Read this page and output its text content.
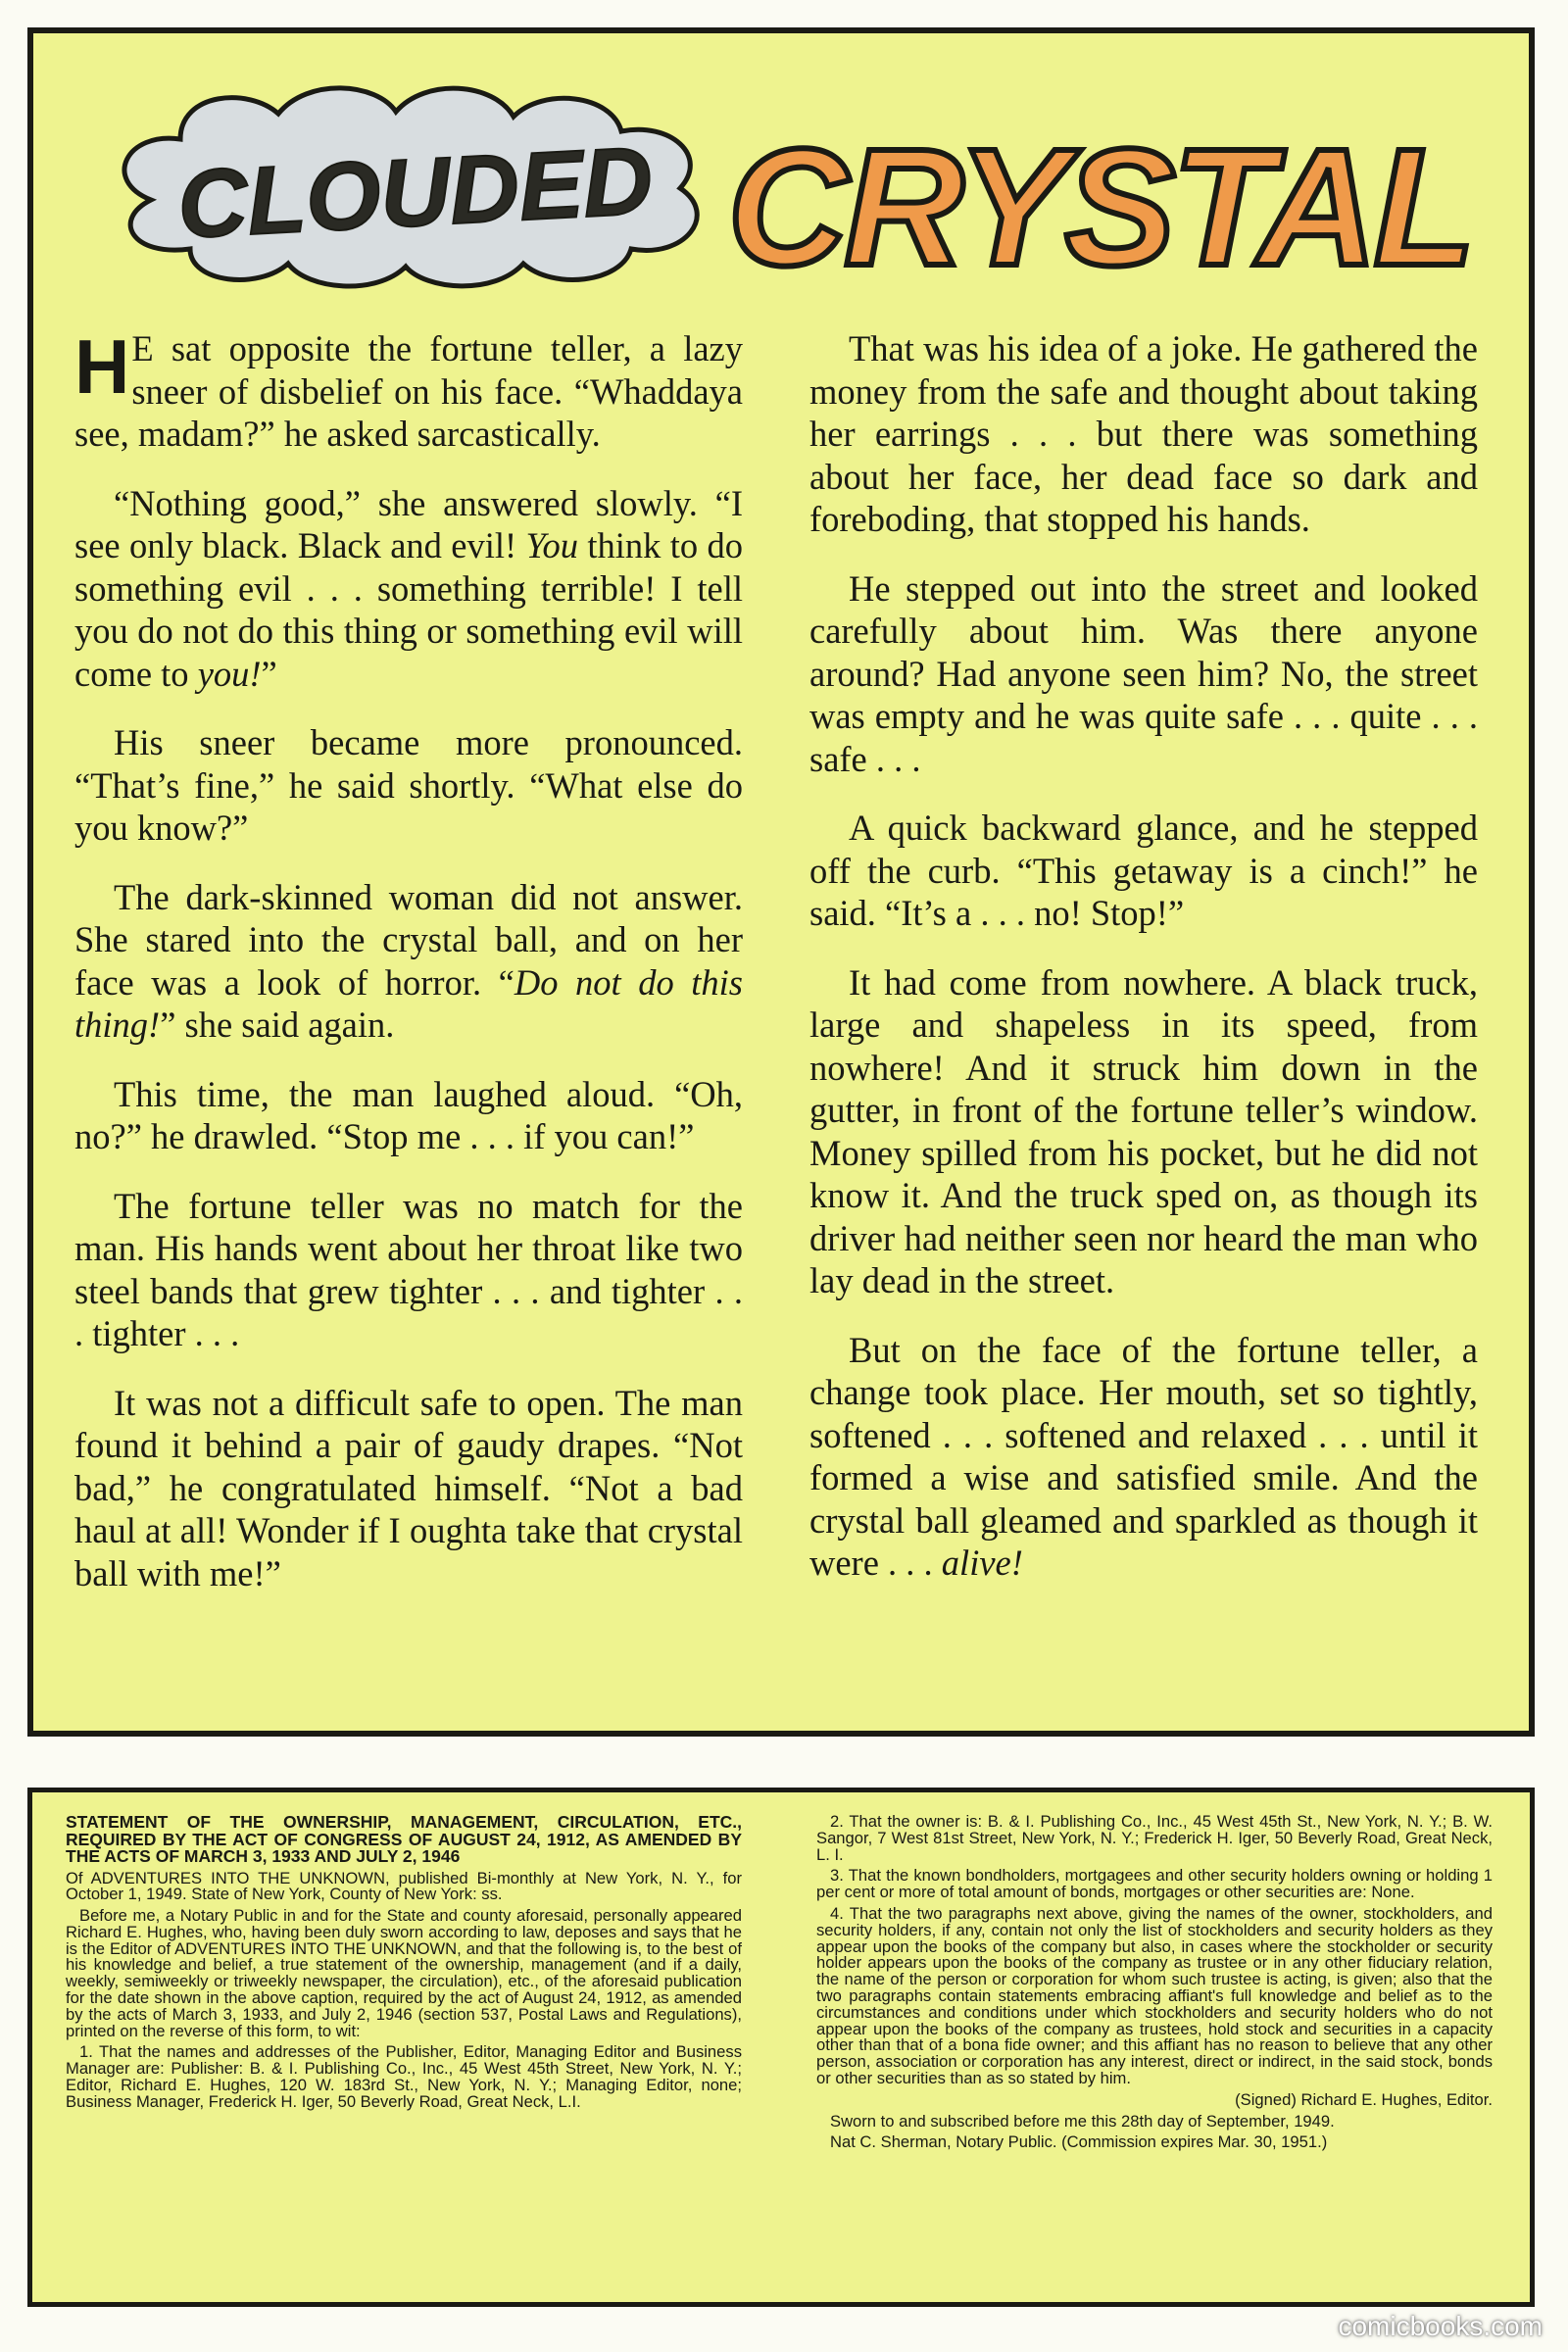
CLOUDED CRYSTAL

H E sat opposite the fortune teller, a lazy sneer of disbelief on his face. “Whaddaya see, madam?” he asked sarcastically.

“Nothing good,” she answered slowly. “I see only black. Black and evil! You think to do something evil . . . something terrible! I tell you do not do this thing or something evil will come to you!”

His sneer became more pronounced. “That’s fine,” he said shortly. “What else do you know?”

The dark-skinned woman did not answer. She stared into the crystal ball, and on her face was a look of horror. “Do not do this thing!” she said again.

This time, the man laughed aloud. “Oh, no?” he drawled. “Stop me . . . if you can!”

The fortune teller was no match for the man. His hands went about her throat like two steel bands that grew tighter . . . and tighter . . . tighter . . .

It was not a difficult safe to open. The man found it behind a pair of gaudy drapes. “Not bad,” he congratulated himself. “Not a bad haul at all! Wonder if I oughta take that crystal ball with me!”

That was his idea of a joke. He gathered the money from the safe and thought about taking her earrings . . . but there was something about her face, her dead face so dark and foreboding, that stopped his hands.

He stepped out into the street and looked carefully about him. Was there anyone around? Had anyone seen him? No, the street was empty and he was quite safe . . . quite . . . safe . . .

A quick backward glance, and he stepped off the curb. “This getaway is a cinch!” he said. “It’s a . . . no! Stop!”

It had come from nowhere. A black truck, large and shapeless in its speed, from nowhere! And it struck him down in the gutter, in front of the fortune teller’s window. Money spilled from his pocket, but he did not know it. And the truck sped on, as though its driver had neither seen nor heard the man who lay dead in the street.

But on the face of the fortune teller, a change took place. Her mouth, set so tightly, softened . . . softened and relaxed . . . until it formed a wise and satisfied smile. And the crystal ball gleamed and sparkled as though it were . . . alive!

STATEMENT OF THE OWNERSHIP, MANAGEMENT, CIRCULATION, ETC., REQUIRED BY THE ACT OF CONGRESS OF AUGUST 24, 1912, AS AMENDED BY THE ACTS OF MARCH 3, 1933 AND JULY 2, 1946

Of ADVENTURES INTO THE UNKNOWN, published Bi-monthly at New York, N. Y., for October 1, 1949. State of New York, County of New York: ss.

Before me, a Notary Public in and for the State and county aforesaid, personally appeared Richard E. Hughes, who, having been duly sworn according to law, deposes and says that he is the Editor of ADVENTURES INTO THE UNKNOWN, and that the following is, to the best of his knowledge and belief, a true statement of the ownership, management (and if a daily, weekly, semiweekly or triweekly newspaper, the circulation), etc., of the aforesaid publication for the date shown in the above caption, required by the act of August 24, 1912, as amended by the acts of March 3, 1933, and July 2, 1946 (section 537, Postal Laws and Regulations), printed on the reverse of this form, to wit:

1. That the names and addresses of the Publisher, Editor, Managing Editor and Business Manager are: Publisher: B. & I. Publishing Co., Inc., 45 West 45th Street, New York, N. Y.; Editor, Richard E. Hughes, 120 W. 183rd St., New York, N. Y.; Managing Editor, none; Business Manager, Frederick H. Iger, 50 Beverly Road, Great Neck, L.I.

2. That the owner is: B. & I. Publishing Co., Inc., 45 West 45th St., New York, N. Y.; B. W. Sangor, 7 West 81st Street, New York, N. Y.; Frederick H. Iger, 50 Beverly Road, Great Neck, L. I.

3. That the known bondholders, mortgagees and other security holders owning or holding 1 per cent or more of total amount of bonds, mortgages or other securities are: None.

4. That the two paragraphs next above, giving the names of the owner, stockholders, and security holders, if any, contain not only the list of stockholders and security holders as they appear upon the books of the company but also, in cases where the stockholder or security holder appears upon the books of the company as trustee or in any other fiduciary relation, the name of the person or corporation for whom such trustee is acting, is given; also that the two paragraphs contain statements embracing affiant's full knowledge and belief as to the circumstances and conditions under which stockholders and security holders who do not appear upon the books of the company as trustees, hold stock and securities in a capacity other than that of a bona fide owner; and this affiant has no reason to believe that any other person, association or corporation has any interest, direct or indirect, in the said stock, bonds or other securities than as so stated by him.

(Signed) Richard E. Hughes, Editor.

Sworn to and subscribed before me this 28th day of September, 1949.

Nat C. Sherman, Notary Public. (Commission expires Mar. 30, 1951.)

comicbooks.com
